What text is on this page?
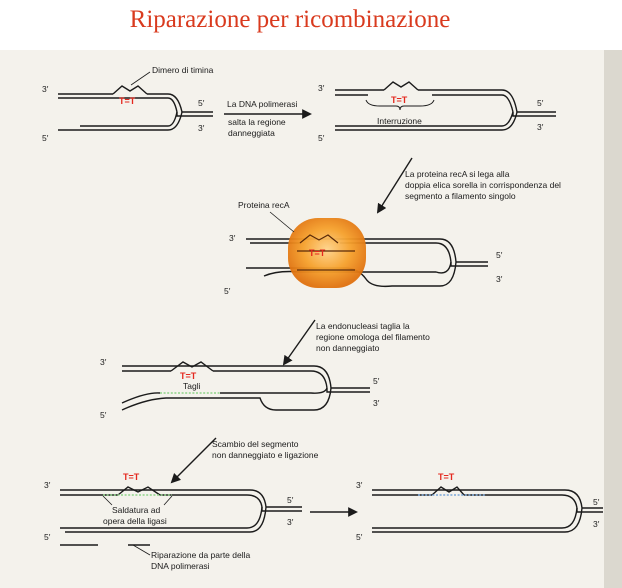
Riparazione per ricombinazione
3′
5′
3′
5′
T=T
Dimero di timina
La DNA polimerasi
salta la regione
danneggiata
3′
5′
3′
5′
T=T
Interruzione
La proteina recA si lega alla
doppia elica sorella in corrispondenza del
segmento a filamento singolo
Proteina recA
3′
5′
3′
5′
T=T
La endonucleasi taglia la
regione omologa del filamento
non danneggiato
3′
5′
3′
5′
T=T
Tagli
Scambio del segmento
non danneggiato e ligazione
3′
5′
3′
5′
T=T
Saldatura ad
opera della ligasi
Riparazione da parte della
DNA polimerasi
3′
5′
3′
5′
T=T
